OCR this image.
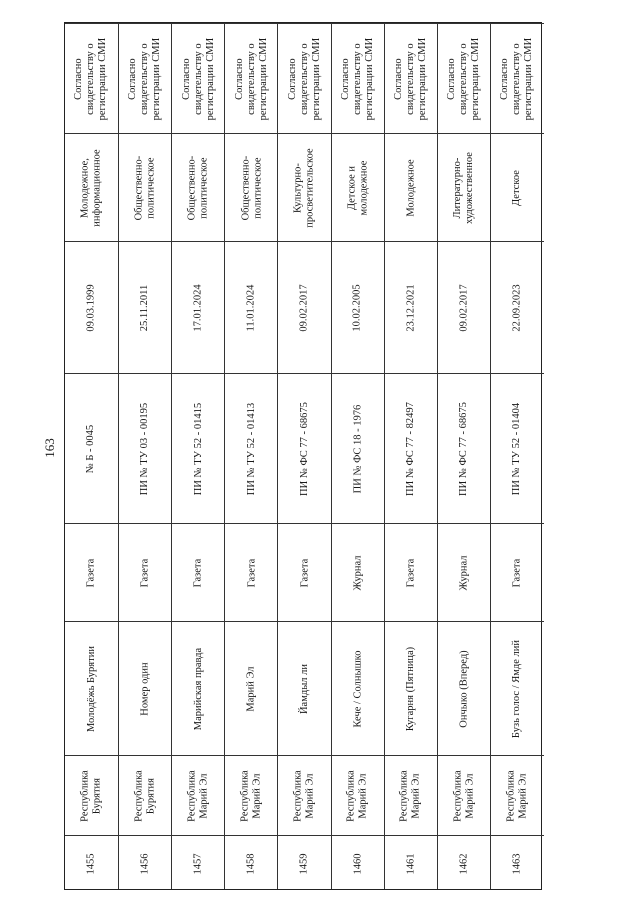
163
1455
Республика
Бурятия
Молодёжь Бурятии
Газета
№ Б - 0045
09.03.1999
Молодежное,
информационное
Согласно
свидетельству о
регистрации СМИ
1456
Республика
Бурятия
Номер один
Газета
ПИ № ТУ 03 - 00195
25.11.2011
Общественно-
политическое
Согласно
свидетельству о
регистрации СМИ
1457
Республика
Марий Эл
Марийская правда
Газета
ПИ № ТУ 52 - 01415
17.01.2024
Общественно-
политическое
Согласно
свидетельству о
регистрации СМИ
1458
Республика
Марий Эл
Марий Эл
Газета
ПИ № ТУ 52 - 01413
11.01.2024
Общественно-
политическое
Согласно
свидетельству о
регистрации СМИ
1459
Республика
Марий Эл
Йамдыл ли
Газета
ПИ № ФС 77 - 68675
09.02.2017
Культурно-
просветительское
Согласно
свидетельству о
регистрации СМИ
1460
Республика
Марий Эл
Кече / Солнышко
Журнал
ПИ № ФС 18 - 1976
10.02.2005
Детское и
молодежное
Согласно
свидетельству о
регистрации СМИ
1461
Республика
Марий Эл
Кугарня (Пятница)
Газета
ПИ № ФС 77 - 82497
23.12.2021
Молодежное
Согласно
свидетельству о
регистрации СМИ
1462
Республика
Марий Эл
Ончыко (Вперед)
Журнал
ПИ № ФС 77 - 68675
09.02.2017
Литературно-
художественное
Согласно
свидетельству о
регистрации СМИ
1463
Республика
Марий Эл
Бузь голос / Ямде лий
Газета
ПИ № ТУ 52 - 01404
22.09.2023
Детское
Согласно
свидетельству о
регистрации СМИ
